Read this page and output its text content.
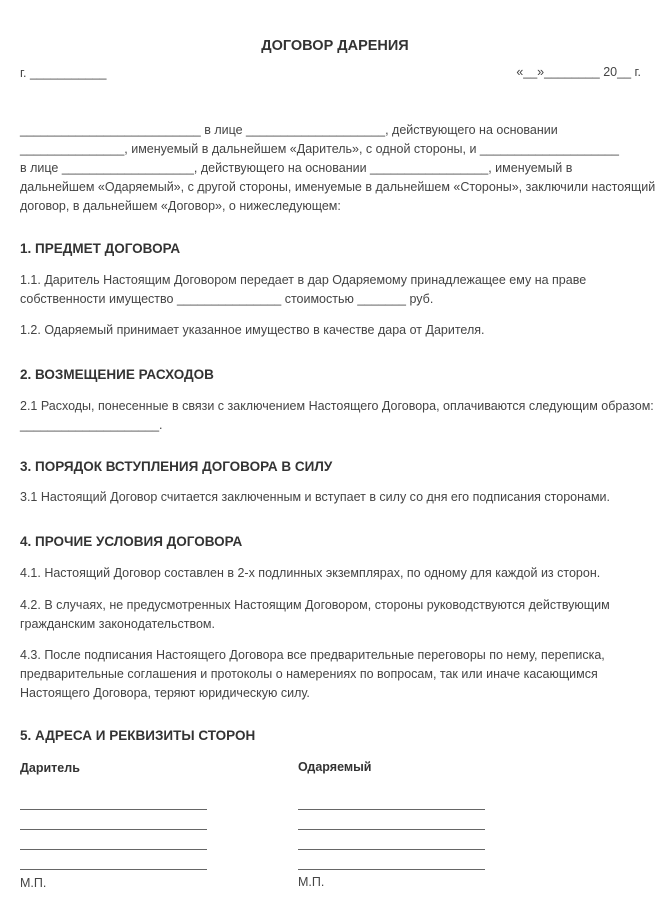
ДОГОВОР ДАРЕНИЯ
г. ___________	«__»________ 20__ г.
__________________________ в лице ____________________, действующего на основании
_______________, именуемый в дальнейшем «Даритель», с одной стороны, и ____________________
в лице ___________________, действующего на основании _________________, именуемый в
дальнейшем «Одаряемый», с другой стороны, именуемые в дальнейшем «Стороны», заключили настоящий
договор, в дальнейшем «Договор», о нижеследующем:
1. ПРЕДМЕТ ДОГОВОРА
1.1. Даритель Настоящим Договором передает в дар Одаряемому принадлежащее ему на праве
собственности имущество _______________ стоимостью _______ руб.
1.2. Одаряемый принимает указанное имущество в качестве дара от Дарителя.
2. ВОЗМЕЩЕНИЕ РАСХОДОВ
2.1 Расходы, понесенные в связи с заключением Настоящего Договора, оплачиваются следующим образом:
____________________.
3. ПОРЯДОК ВСТУПЛЕНИЯ ДОГОВОРА В СИЛУ
3.1 Настоящий Договор считается заключенным и вступает в силу со дня его подписания сторонами.
4. ПРОЧИЕ УСЛОВИЯ ДОГОВОРА
4.1. Настоящий Договор составлен в 2-х подлинных экземплярах, по одному для каждой из сторон.
4.2. В случаях, не предусмотренных Настоящим Договором, стороны руководствуются действующим
гражданским законодательством.
4.3. После подписания Настоящего Договора все предварительные переговоры по нему, переписка,
предварительные соглашения и протоколы о намерениях по вопросам, так или иначе касающимся
Настоящего Договора, теряют юридическую силу.
5. АДРЕСА И РЕКВИЗИТЫ СТОРОН
Даритель	Одаряемый
М.П.	М.П.
